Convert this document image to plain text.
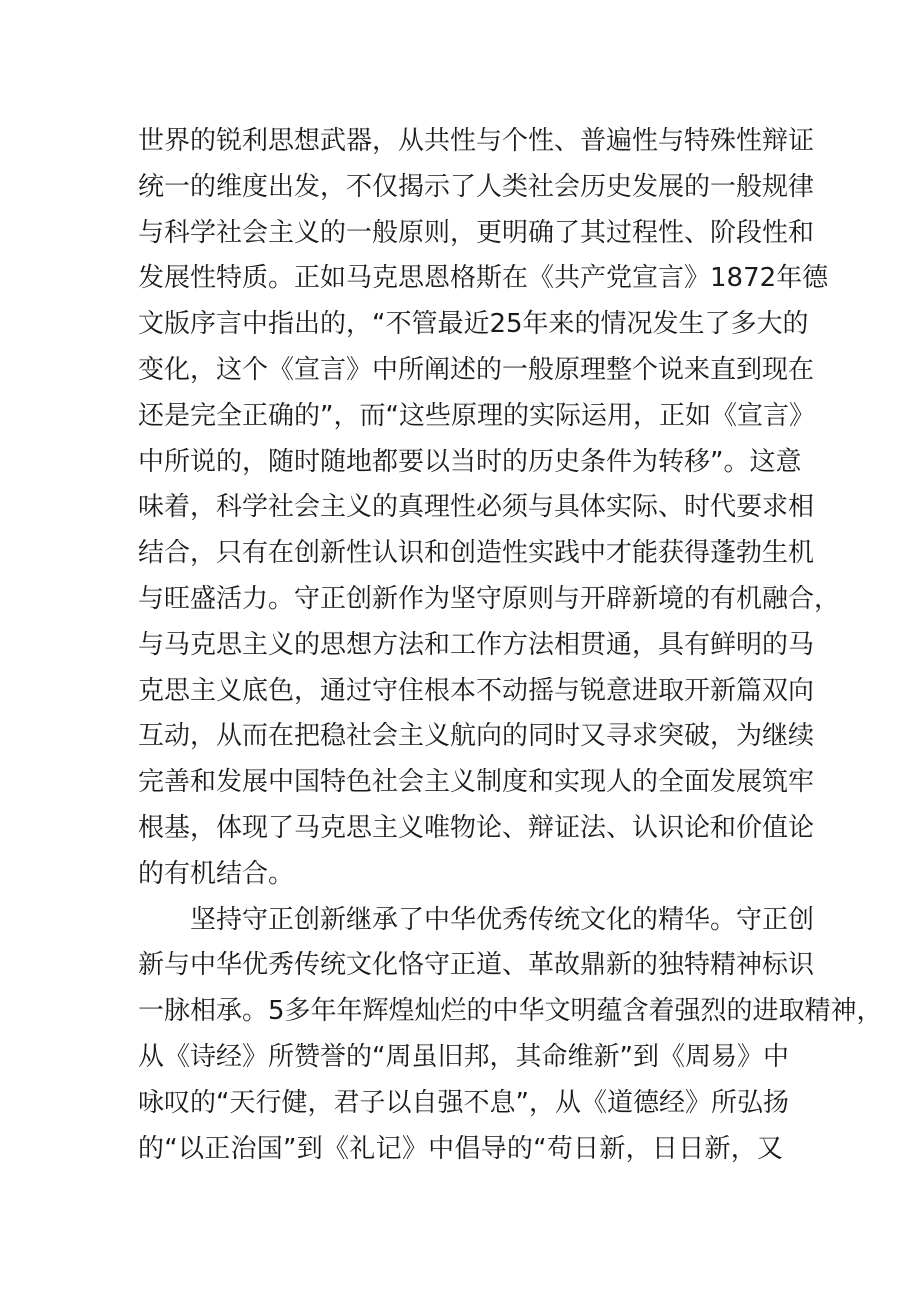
世界的锐利思想武器，从共性与个性、普遍性与特殊性辩证
统一的维度出发，不仅揭示了人类社会历史发展的一般规律
与科学社会主义的一般原则，更明确了其过程性、阶段性和
发展性特质。正如马克思恩格斯在《共产党宣言》1872年德
文版序言中指出的，“不管最近25年来的情况发生了多大的
变化，这个《宣言》中所阐述的一般原理整个说来直到现在
还是完全正确的”，而“这些原理的实际运用，正如《宣言》
中所说的，随时随地都要以当时的历史条件为转移”。这意
味着，科学社会主义的真理性必须与具体实际、时代要求相
结合，只有在创新性认识和创造性实践中才能获得蓬勃生机
与旺盛活力。守正创新作为坚守原则与开辟新境的有机融合，
与马克思主义的思想方法和工作方法相贯通，具有鲜明的马
克思主义底色，通过守住根本不动摇与锐意进取开新篇双向
互动，从而在把稳社会主义航向的同时又寻求突破，为继续
完善和发展中国特色社会主义制度和实现人的全面发展筑牢
根基，体现了马克思主义唯物论、辩证法、认识论和价值论
的有机结合。
坚持守正创新继承了中华优秀传统文化的精华。守正创
新与中华优秀传统文化恪守正道、革故鼎新的独特精神标识
一脉相承。5多年年辉煌灿烂的中华文明蕴含着强烈的进取精神，
从《诗经》所赞誉的“周虽旧邦，其命维新”到《周易》中
咏叹的“天行健，君子以自强不息”，从《道德经》所弘扬
的“以正治国”到《礼记》中倡导的“苟日新，日日新，又
